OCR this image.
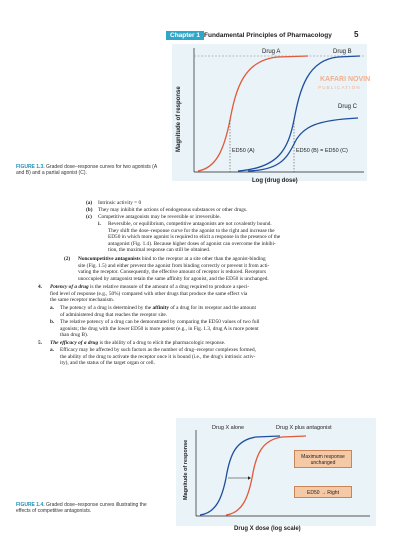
Chapter 1 Fundamental Principles of Pharmacology	5
Drug A	Drug B
Drug C
ED50 (A)	ED50 (B) = ED50 (C)
Magnitude of response
Log (drug dose)
KAFARI NOVIN
PUBLICATION
FIGURE 1.3. Graded dose–response curves for two agonists (A and B) and a partial agonist (C).
(a) Intrinsic activity = 0
(b) They may inhibit the actions of endogenous substances or other drugs.
(c) Competitive antagonists may be reversible or irreversible.
i. Reversible, or equilibrium, competitive antagonists are not covalently bound.
They shift the dose–response curve for the agonist to the right and increase the
ED50 in which more agonist is required to elicit a response in the presence of the
antagonist (Fig. 1.4). Because higher doses of agonist can overcome the inhibi-
tion, the maximal response can still be obtained.
(2) Noncompetitive antagonists bind to the receptor at a site other than the agonist-binding
site (Fig. 1.5) and either prevent the agonist from binding correctly or prevent it from acti-
vating the receptor. Consequently, the effective amount of receptor is reduced. Receptors
unoccupied by antagonist retain the same affinity for agonist, and the ED50 is unchanged.
4. Potency of a drug is the relative measure of the amount of a drug required to produce a speci-
fied level of response (e.g., 50%) compared with other drugs that produce the same effect via
the same receptor mechanism.
a. The potency of a drug is determined by the affinity of a drug for its receptor and the amount
of administered drug that reaches the receptor site.
b. The relative potency of a drug can be demonstrated by comparing the ED50 values of two full
agonists; the drug with the lower ED50 is more potent (e.g., in Fig. 1.3, drug A is more potent
than drug B).
5. The efficacy of a drug is the ability of a drug to elicit the pharmacologic response.
a. Efficacy may be affected by such factors as the number of drug–receptor complexes formed,
the ability of the drug to activate the receptor once it is bound (i.e., the drug's intrinsic activ-
ity), and the status of the target organ or cell.
Drug X alone	Drug X plus antagonist
Magnitude of response
Drug X dose (log scale)
Maximum response unchanged
ED50 → Right
FIGURE 1.4. Graded dose–response curves illustrating the effects of competitive antagonists.
